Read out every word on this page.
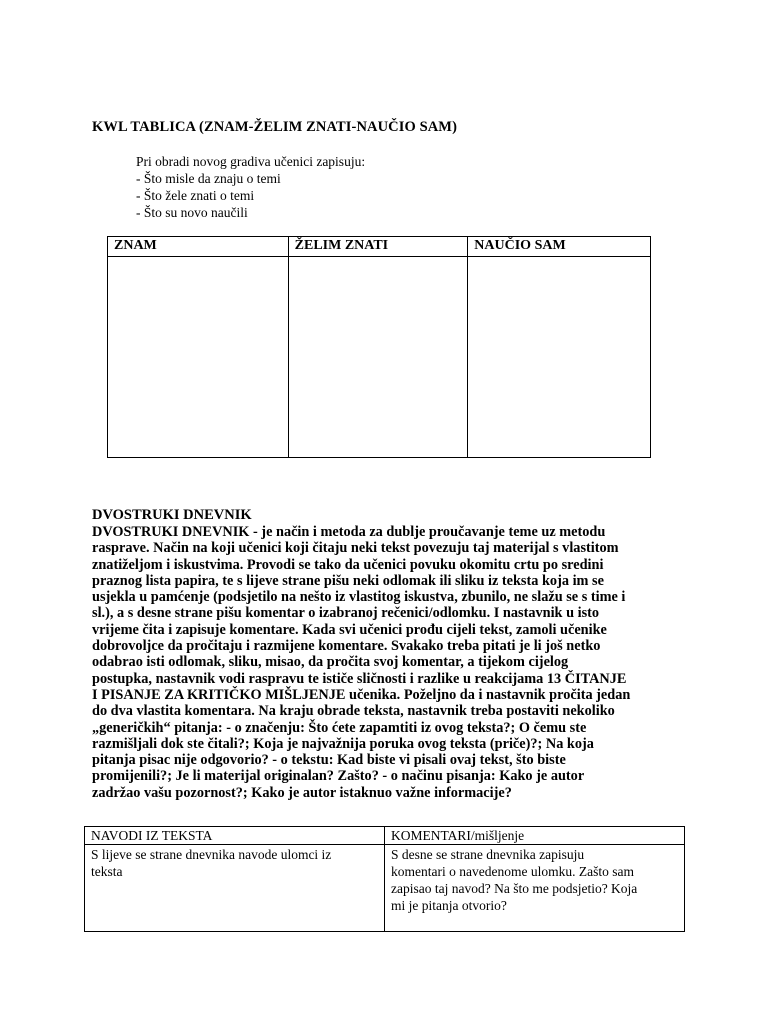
KWL TABLICA (ZNAM-ŽELIM ZNATI-NAUČIO SAM)
Pri obradi novog gradiva učenici zapisuju:
- Što misle da znaju o temi
- Što žele znati o temi
- Što su novo naučili
ZNAM	ŽELIM ZNATI	NAUČIO SAM

DVOSTRUKI DNEVNIK
DVOSTRUKI DNEVNIK - je način i metoda za dublje proučavanje teme uz metodu
rasprave. Način na koji učenici koji čitaju neki tekst povezuju taj materijal s vlastitom
znatiželjom i iskustvima. Provodi se tako da učenici povuku okomitu crtu po sredini
praznog lista papira, te s lijeve strane pišu neki odlomak ili sliku iz teksta koja im se
usjekla u pamćenje (podsjetilo na nešto iz vlastitog iskustva, zbunilo, ne slažu se s time i
sl.), a s desne strane pišu komentar o izabranoj rečenici/odlomku. I nastavnik u isto
vrijeme čita i zapisuje komentare. Kada svi učenici prođu cijeli tekst, zamoli učenike
dobrovoljce da pročitaju i razmijene komentare. Svakako treba pitati je li još netko
odabrao isti odlomak, sliku, misao, da pročita svoj komentar, a tijekom cijelog
postupka, nastavnik vodi raspravu te ističe sličnosti i razlike u reakcijama 13 ČITANJE
I PISANJE ZA KRITIČKO MIŠLJENJE učenika. Poželjno da i nastavnik pročita jedan
do dva vlastita komentara. Na kraju obrade teksta, nastavnik treba postaviti nekoliko
„generičkih“ pitanja: - o značenju: Što ćete zapamtiti iz ovog teksta?; O čemu ste
razmišljali dok ste čitali?; Koja je najvažnija poruka ovog teksta (priče)?; Na koja
pitanja pisac nije odgovorio? - o tekstu: Kad biste vi pisali ovaj tekst, što biste
promijenili?; Je li materijal originalan? Zašto? - o načinu pisanja: Kako je autor
zadržao vašu pozornost?; Kako je autor istaknuo važne informacije?
NAVODI IZ TEKSTA	KOMENTARI/mišljenje

S lijeve se strane dnevnika navode ulomci iz
teksta	S desne se strane dnevnika zapisuju
komentari o navedenome ulomku. Zašto sam
zapisao taj navod? Na što me podsjetio? Koja
mi je pitanja otvorio?
